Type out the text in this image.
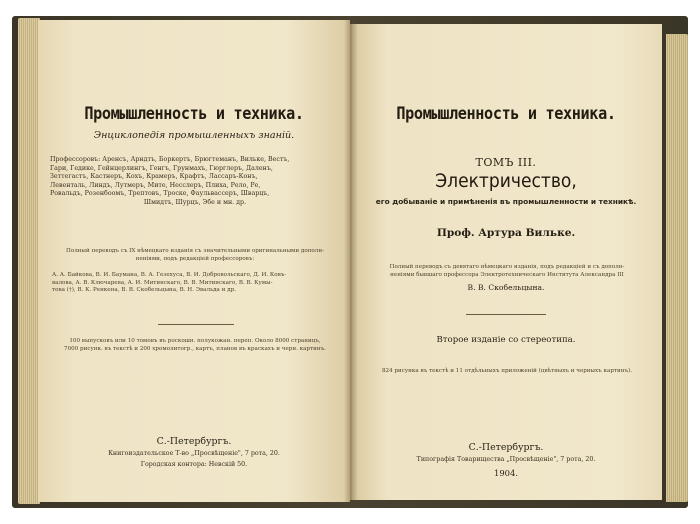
Промышленность и техника.
Энциклопедія промышленныхъ знаній.
Профессоровъ: Аренсъ, Арндтъ, Боркертъ, Брюгтеманъ, Вильке, Вестъ,
Гари, Гедике, Гейнцерлингъ, Генгъ, Грунмахъ, Гюрглеръ, Даленъ,
Зеттегастъ, Кастнеръ, Кохъ, Крамеръ, Крафтъ, Лассаръ-Конъ,
Левенталь, Линдъ, Лутмеръ, Мите, Несслеръ, Плиха, Рело, Ре,
Ровальдъ, Розенбоомъ, Трептовъ, Троске, Фаульвассеръ, Шварцъ,
Шмидтъ, Шурцъ, Эбе и мн. др.
Полный переводъ съ IX нѣмецкаго изданія съ значительными оригинальными дополн-
неніями, подъ редакціей профессоровъ:
А. А. Байкова, В. И. Баумана, В. А. Гезехуса, В. И. Добровольскаго, Д. И. Ковъ-
валова, А. В. Ключарева, А. И. Митинскаго, В. В. Митинскаго, В. В. Кумы-
това (†), В. К. Ренкена, В. В. Скобельцына, В. Н. Эвальда и др.
100 выпусковъ или 10 томовъ въ роскошн. полукожан. переп. Около 8000 страницъ,
7000 рисунк. въ текстѣ и 200 хромолитогр., картъ, планов въ краскахъ и черн. картинъ.
С.-Петербургъ.
Книгоиздательское Т-во „Просвѣщеніе", 7 рота, 20.
Городская контора: Невскій 50.
Промышленность и техника.
ТОМЪ III.
Электричество,
его добываніе и примѣненія въ промышленности и техникѣ.
Проф. Артура Вильке.
Полный переводъ съ девятаго нѣмецкаго изданія, подъ редакціей и съ дополн-
неніями бывшаго профессора Электротехническаго Института Александра III
В. В. Скобельцына.
Второе изданіе со стереотипа.
824 рисунка въ текстѣ и 11 отдѣльныхъ приложеній (цвѣтныхъ и черныхъ картинъ).
С.-Петербургъ.
Типографія Товарищества „Просвѣщеніе", 7 рота, 20.
1904.
